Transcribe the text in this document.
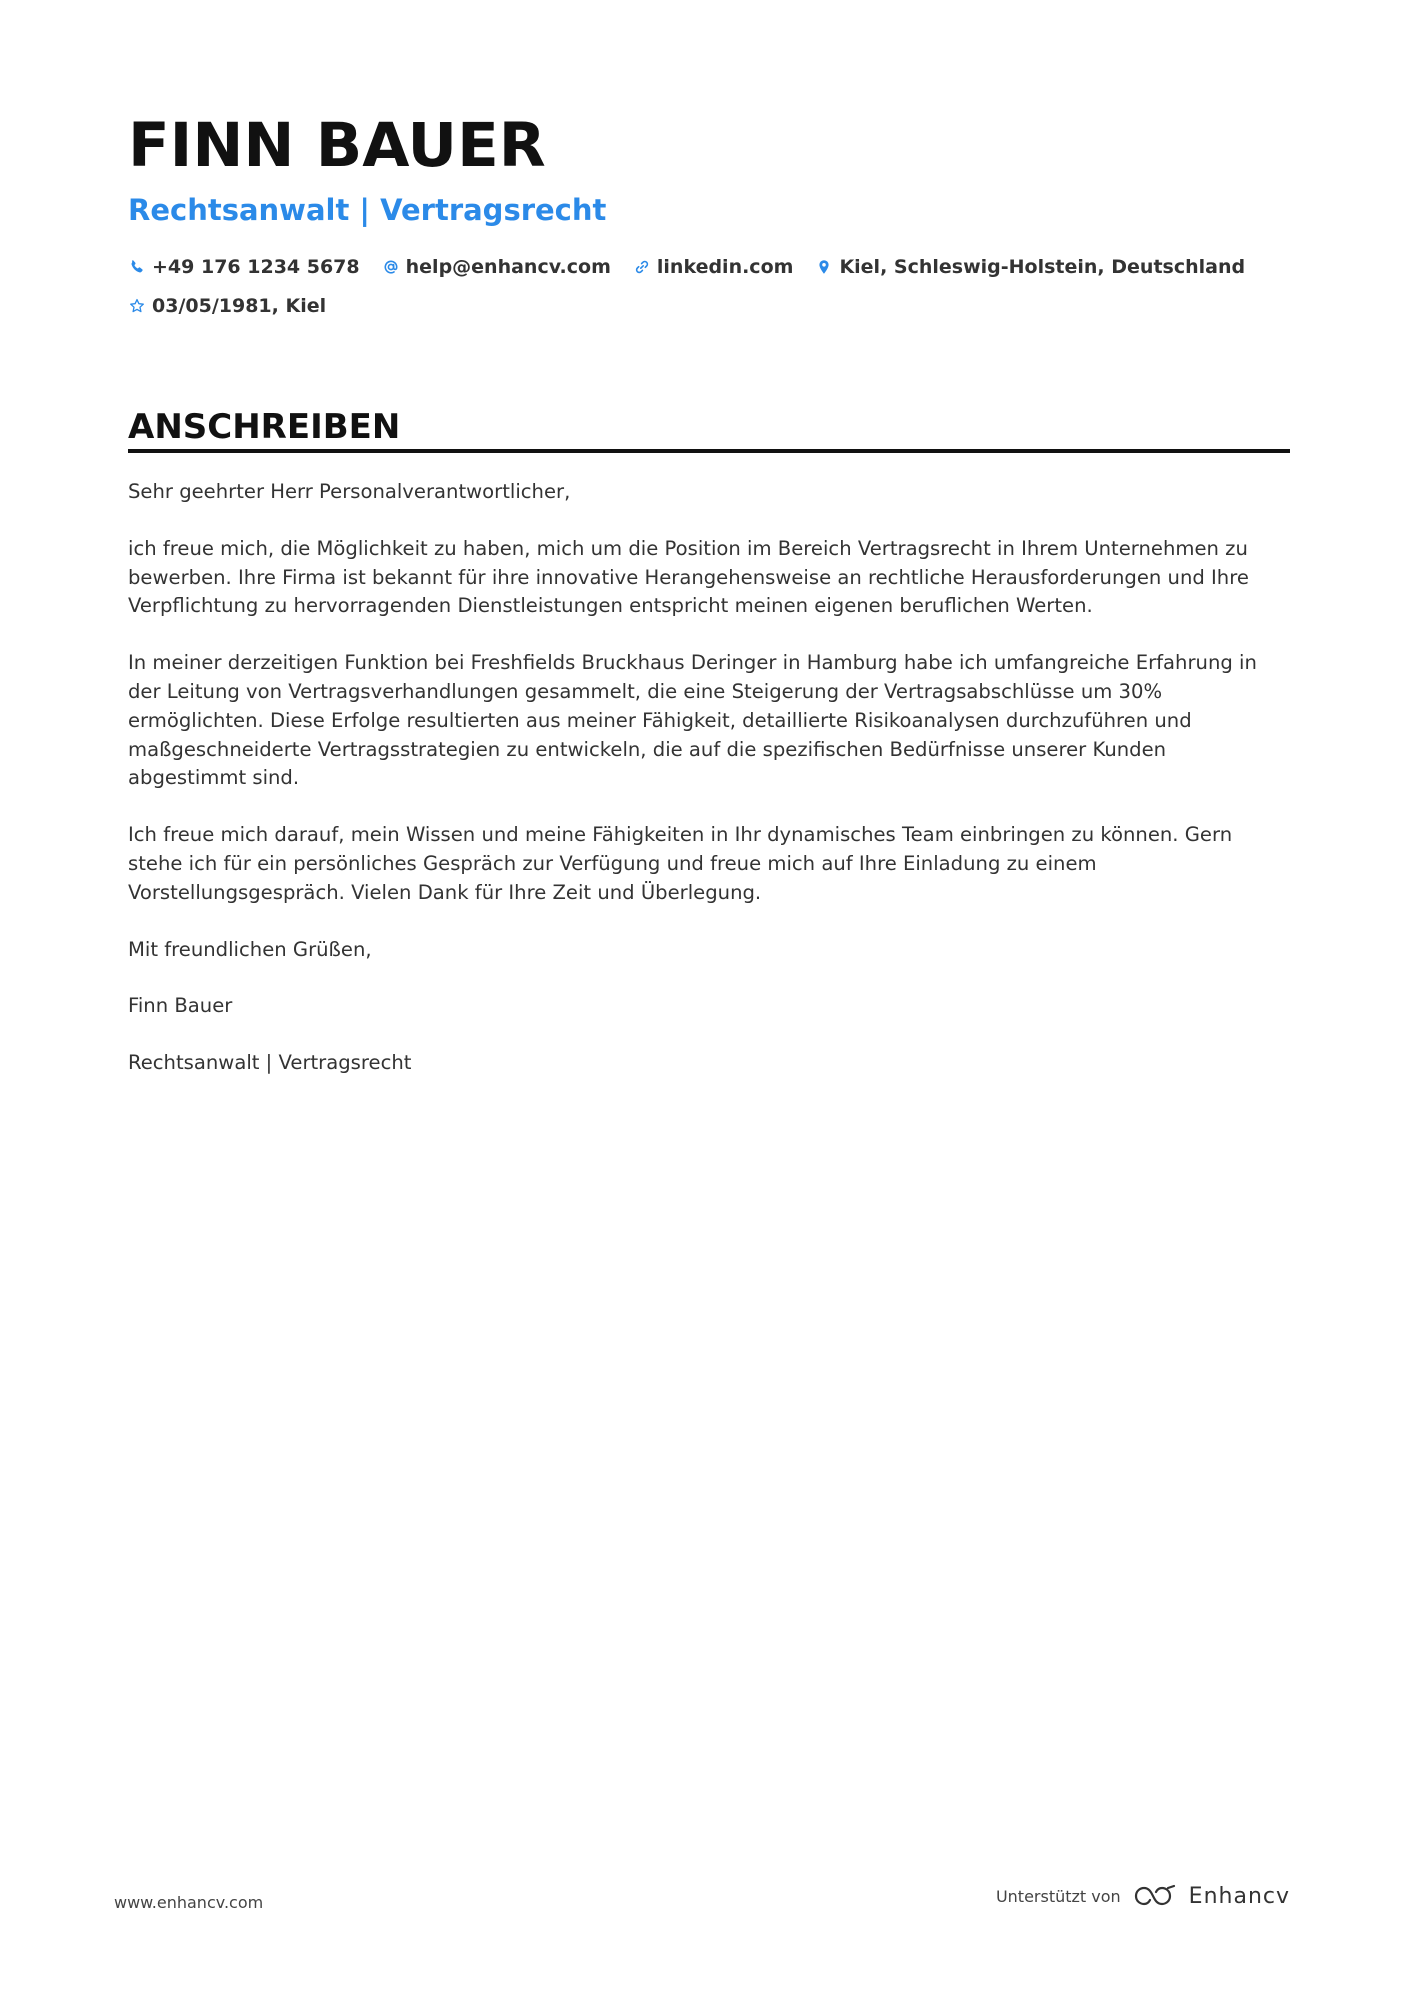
FINN BAUER
Rechtsanwalt | Vertragsrecht
+49 176 1234 5678 help@enhancv.com linkedin.com Kiel, Schleswig-Holstein, Deutschland
03/05/1981, Kiel
ANSCHREIBEN

Sehr geehrter Herr Personalverantwortlicher,

ich freue mich, die Möglichkeit zu haben, mich um die Position im Bereich Vertragsrecht in Ihrem Unternehmen zu bewerben. Ihre Firma ist bekannt für ihre innovative Herangehensweise an rechtliche Herausforderungen und Ihre Verpflichtung zu hervorragenden Dienstleistungen entspricht meinen eigenen beruflichen Werten.

In meiner derzeitigen Funktion bei Freshfields Bruckhaus Deringer in Hamburg habe ich umfangreiche Erfahrung in der Leitung von Vertragsverhandlungen gesammelt, die eine Steigerung der Vertragsabschlüsse um 30% ermöglichten. Diese Erfolge resultierten aus meiner Fähigkeit, detaillierte Risikoanalysen durchzuführen und maßgeschneiderte Vertragsstrategien zu entwickeln, die auf die spezifischen Bedürfnisse unserer Kunden abgestimmt sind.

Ich freue mich darauf, mein Wissen und meine Fähigkeiten in Ihr dynamisches Team einbringen zu können. Gern stehe ich für ein persönliches Gespräch zur Verfügung und freue mich auf Ihre Einladung zu einem Vorstellungsgespräch. Vielen Dank für Ihre Zeit und Überlegung.

Mit freundlichen Grüßen,

Finn Bauer

Rechtsanwalt | Vertragsrecht

www.enhancv.com	Unterstützt von	Enhancv
